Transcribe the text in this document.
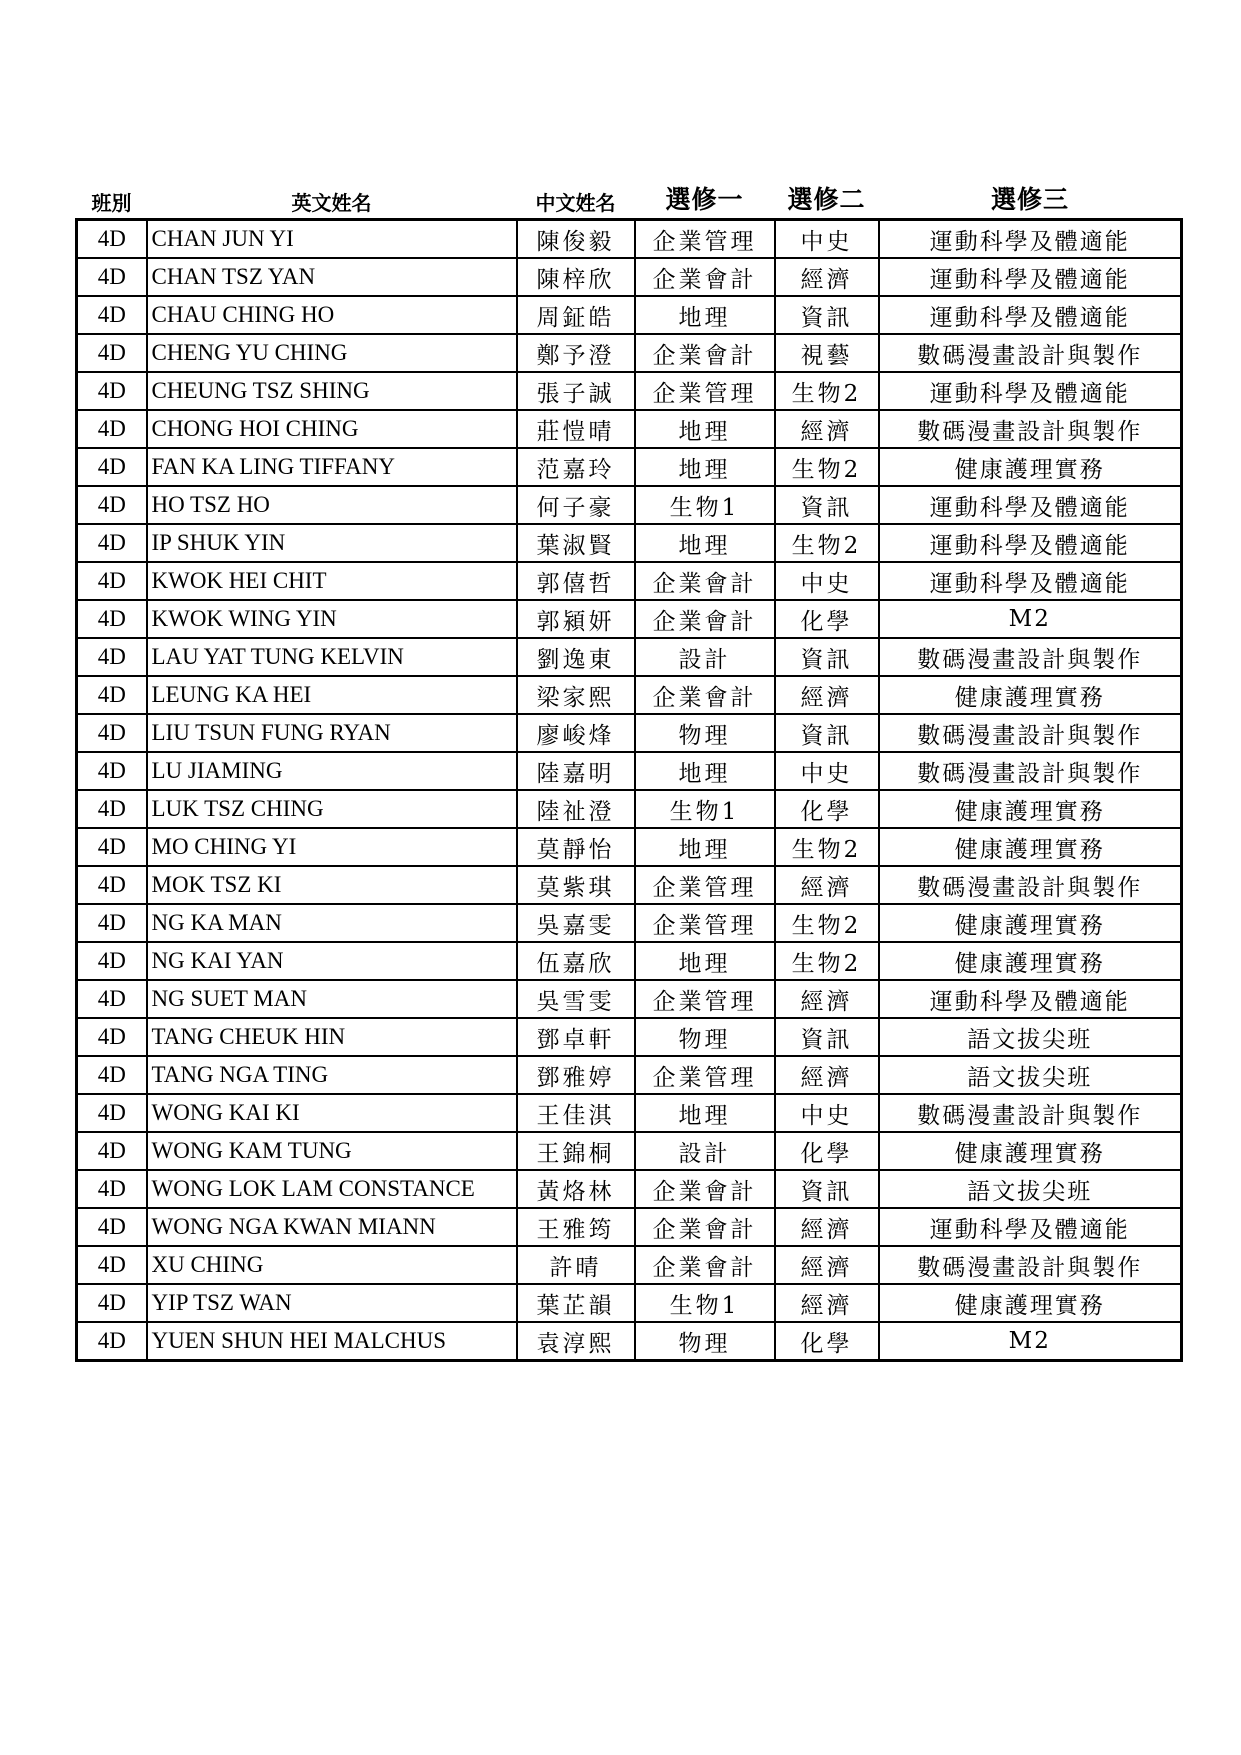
班別	英文姓名	中文姓名	選修一	選修二	選修三
4D	CHAN JUN YI	陳俊毅	企業管理	中史	運動科學及體適能
4D	CHAN TSZ YAN	陳梓欣	企業會計	經濟	運動科學及體適能
4D	CHAU CHING HO	周鉦皓	地理	資訊	運動科學及體適能
4D	CHENG YU CHING	鄭予澄	企業會計	視藝	數碼漫畫設計與製作
4D	CHEUNG TSZ SHING	張子誠	企業管理	生物2	運動科學及體適能
4D	CHONG HOI CHING	莊愷晴	地理	經濟	數碼漫畫設計與製作
4D	FAN KA LING TIFFANY	范嘉玲	地理	生物2	健康護理實務
4D	HO TSZ HO	何子豪	生物1	資訊	運動科學及體適能
4D	IP SHUK YIN	葉淑賢	地理	生物2	運動科學及體適能
4D	KWOK HEI CHIT	郭僖哲	企業會計	中史	運動科學及體適能
4D	KWOK WING YIN	郭潁妍	企業會計	化學	M2
4D	LAU YAT TUNG KELVIN	劉逸東	設計	資訊	數碼漫畫設計與製作
4D	LEUNG KA HEI	梁家熙	企業會計	經濟	健康護理實務
4D	LIU TSUN FUNG RYAN	廖峻烽	物理	資訊	數碼漫畫設計與製作
4D	LU JIAMING	陸嘉明	地理	中史	數碼漫畫設計與製作
4D	LUK TSZ CHING	陸祉澄	生物1	化學	健康護理實務
4D	MO CHING YI	莫靜怡	地理	生物2	健康護理實務
4D	MOK TSZ KI	莫紫琪	企業管理	經濟	數碼漫畫設計與製作
4D	NG KA MAN	吳嘉雯	企業管理	生物2	健康護理實務
4D	NG KAI YAN	伍嘉欣	地理	生物2	健康護理實務
4D	NG SUET MAN	吳雪雯	企業管理	經濟	運動科學及體適能
4D	TANG CHEUK HIN	鄧卓軒	物理	資訊	語文拔尖班
4D	TANG NGA TING	鄧雅婷	企業管理	經濟	語文拔尖班
4D	WONG KAI KI	王佳淇	地理	中史	數碼漫畫設計與製作
4D	WONG KAM TUNG	王錦桐	設計	化學	健康護理實務
4D	WONG LOK LAM CONSTANCE	黃烙林	企業會計	資訊	語文拔尖班
4D	WONG NGA KWAN MIANN	王雅筠	企業會計	經濟	運動科學及體適能
4D	XU CHING	許晴	企業會計	經濟	數碼漫畫設計與製作
4D	YIP TSZ WAN	葉芷韻	生物1	經濟	健康護理實務
4D	YUEN SHUN HEI MALCHUS	袁淳熙	物理	化學	M2
